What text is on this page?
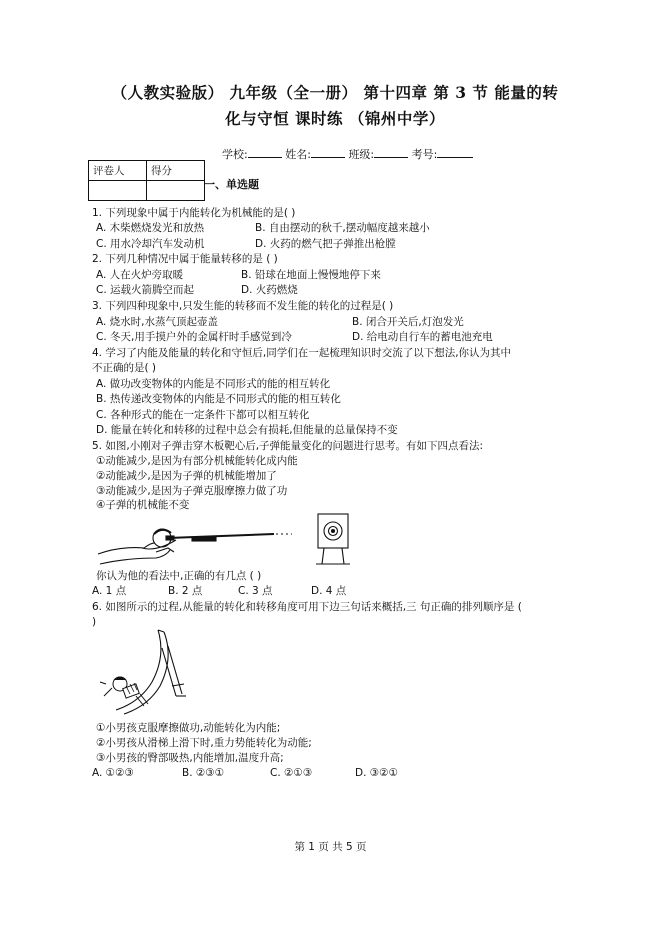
（人教实验版） 九年级（全一册） 第十四章 第 3 节 能量的转
化与守恒 课时练 （锦州中学）
学校:	姓名:	班级:	考号:
评卷人	得分

一、单选题
1. 下列现象中属于内能转化为机械能的是( )
A. 木柴燃烧发光和放热	B. 自由摆动的秋千,摆动幅度越来越小
C. 用水冷却汽车发动机	D. 火药的燃气把子弹推出枪膛
2. 下列几种情况中属于能量转移的是 ( )
A. 人在火炉旁取暖	B. 铅球在地面上慢慢地停下来
C. 运载火箭腾空而起	D. 火药燃烧
3. 下列四种现象中,只发生能的转移而不发生能的转化的过程是( )
A. 烧水时,水蒸气顶起壶盖	B. 闭合开关后,灯泡发光
C. 冬天,用手摸户外的金属杆时手感觉到冷	D. 给电动自行车的蓄电池充电
4. 学习了内能及能量的转化和守恒后,同学们在一起梳理知识时交流了以下想法,你认为其中
不正确的是( )
A. 做功改变物体的内能是不同形式的能的相互转化
B. 热传递改变物体的内能是不同形式的能的相互转化
C. 各种形式的能在一定条件下都可以相互转化
D. 能量在转化和转移的过程中总会有损耗,但能量的总量保持不变
5. 如图,小刚对子弹击穿木板靶心后,子弹能量变化的问题进行思考。有如下四点看法:
①动能减少,是因为有部分机械能转化成内能
②动能减少,是因为子弹的机械能增加了
③动能减少,是因为子弹克服摩擦力做了功
④子弹的机械能不变
你认为他的看法中,正确的有几点 ( )
A. 1 点	B. 2 点	C. 3 点	D. 4 点
6. 如图所示的过程,从能量的转化和转移角度可用下边三句话来概括,三 句正确的排列顺序是 (
)
①小男孩克服摩擦做功,动能转化为内能;
②小男孩从滑梯上滑下时,重力势能转化为动能;
③小男孩的臀部吸热,内能增加,温度升高;
A. ①②③	B. ②③①	C. ②①③	D. ③②①
第 1 页 共 5 页
